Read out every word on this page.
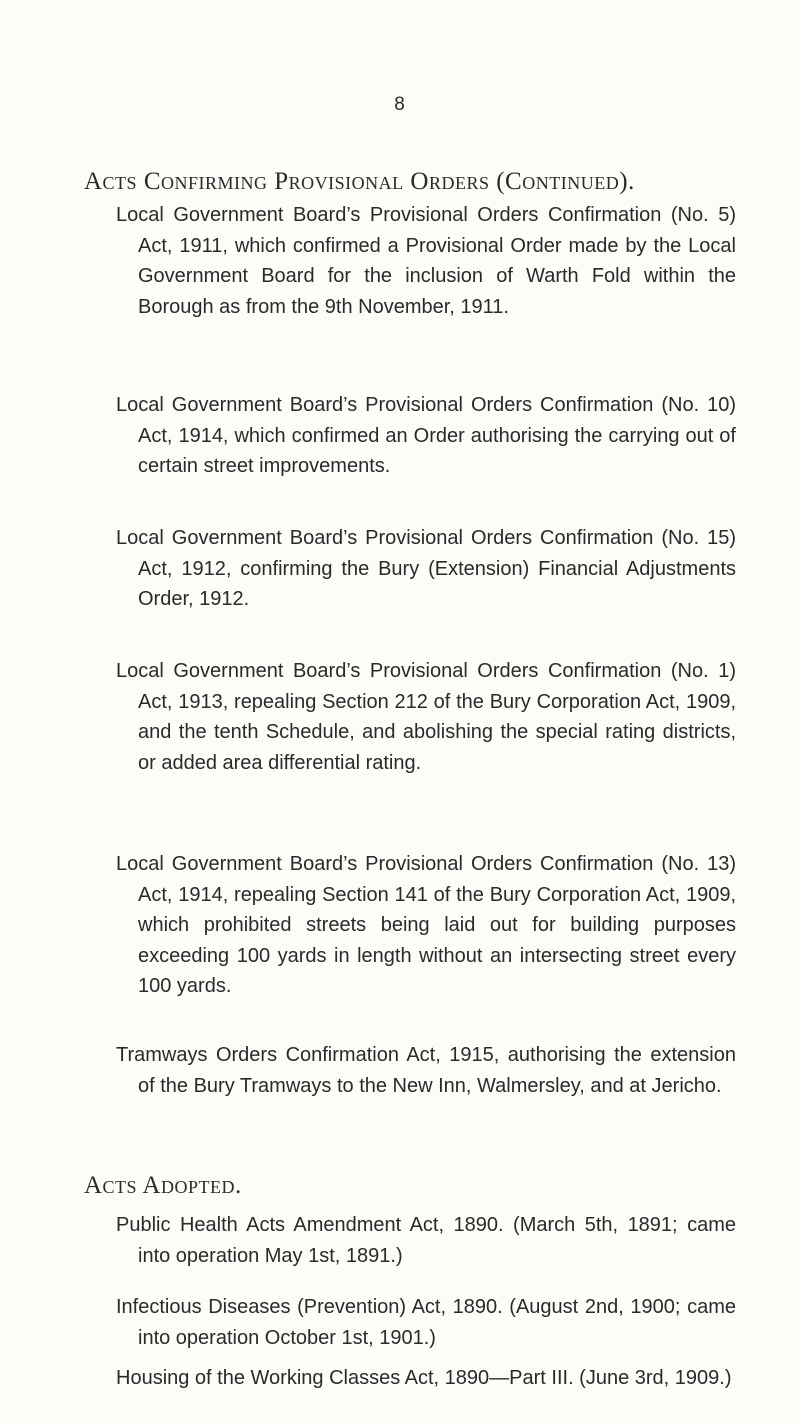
8
Acts Confirming Provisional Orders (Continued).

Local Government Board’s Provisional Orders Confirmation (No. 5) Act, 1911, which confirmed a Provisional Order made by the Local Government Board for the inclusion of Warth Fold within the Borough as from the 9th November, 1911.

Local Government Board’s Provisional Orders Confirmation (No. 10) Act, 1914, which confirmed an Order authorising the carrying out of certain street improvements.

Local Government Board’s Provisional Orders Confirmation (No. 15) Act, 1912, confirming the Bury (Extension) Financial Adjustments Order, 1912.

Local Government Board’s Provisional Orders Confirmation (No. 1) Act, 1913, repealing Section 212 of the Bury Corporation Act, 1909, and the tenth Schedule, and abolishing the special rating districts, or added area differential rating.

Local Government Board’s Provisional Orders Confirmation (No. 13) Act, 1914, repealing Section 141 of the Bury Corporation Act, 1909, which prohibited streets being laid out for building purposes exceeding 100 yards in length without an intersecting street every 100 yards.

Tramways Orders Confirmation Act, 1915, authorising the extension of the Bury Tramways to the New Inn, Walmersley, and at Jericho.

Acts Adopted.

Public Health Acts Amendment Act, 1890. (March 5th, 1891; came into operation May 1st, 1891.)

Infectious Diseases (Prevention) Act, 1890. (August 2nd, 1900; came into operation October 1st, 1901.)

Housing of the Working Classes Act, 1890—Part III. (June 3rd, 1909.)
